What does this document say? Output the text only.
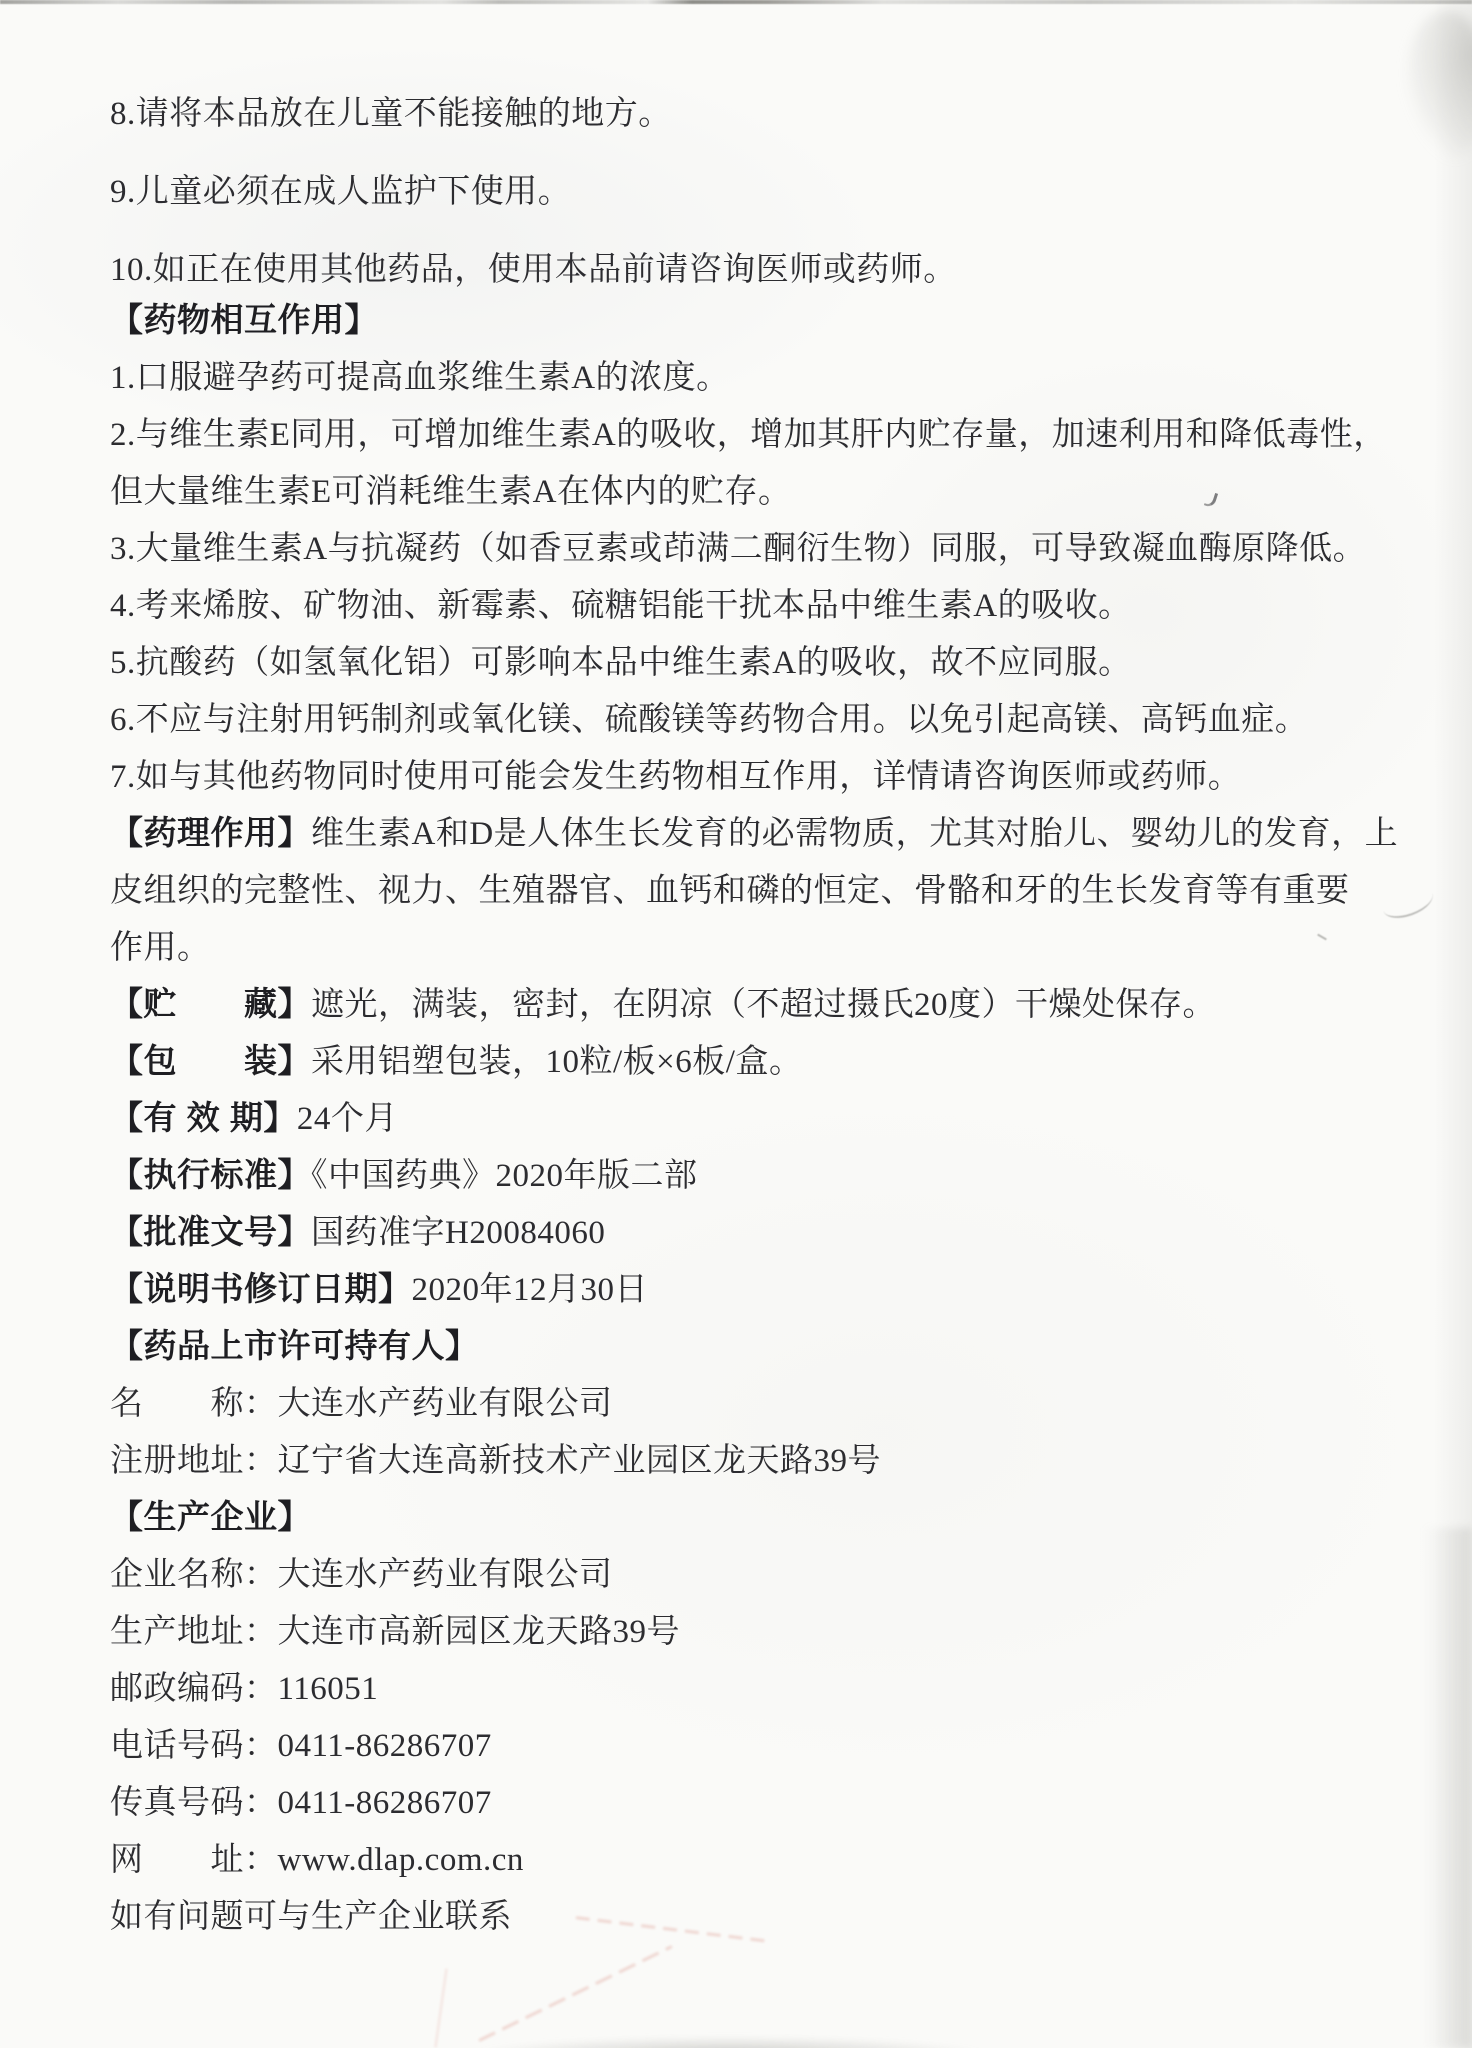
8.请将本品放在儿童不能接触的地方。

9.儿童必须在成人监护下使用。

10.如正在使用其他药品，使用本品前请咨询医师或药师。

【药物相互作用】

1.口服避孕药可提高血浆维生素A的浓度。

2.与维生素E同用，可增加维生素A的吸收，增加其肝内贮存量，加速利用和降低毒性，

但大量维生素E可消耗维生素A在体内的贮存。

3.大量维生素A与抗凝药（如香豆素或茚满二酮衍生物）同服，可导致凝血酶原降低。

4.考来烯胺、矿物油、新霉素、硫糖铝能干扰本品中维生素A的吸收。

5.抗酸药（如氢氧化铝）可影响本品中维生素A的吸收，故不应同服。

6.不应与注射用钙制剂或氧化镁、硫酸镁等药物合用。以免引起高镁、高钙血症。

7.如与其他药物同时使用可能会发生药物相互作用，详情请咨询医师或药师。

【药理作用】维生素A和D是人体生长发育的必需物质，尤其对胎儿、婴幼儿的发育，上

皮组织的完整性、视力、生殖器官、血钙和磷的恒定、骨骼和牙的生长发育等有重要

作用。

【贮　　藏】遮光，满装，密封，在阴凉（不超过摄氏20度）干燥处保存。

【包　　装】采用铝塑包装，10粒/板×6板/盒。

【有 效 期】24个月

【执行标准】《中国药典》2020年版二部

【批准文号】国药准字H20084060

【说明书修订日期】2020年12月30日

【药品上市许可持有人】

名　　称：大连水产药业有限公司

注册地址：辽宁省大连高新技术产业园区龙天路39号

【生产企业】

企业名称：大连水产药业有限公司

生产地址：大连市高新园区龙天路39号

邮政编码：116051

电话号码：0411-86286707

传真号码：0411-86286707

网　　址：www.dlap.com.cn

如有问题可与生产企业联系
